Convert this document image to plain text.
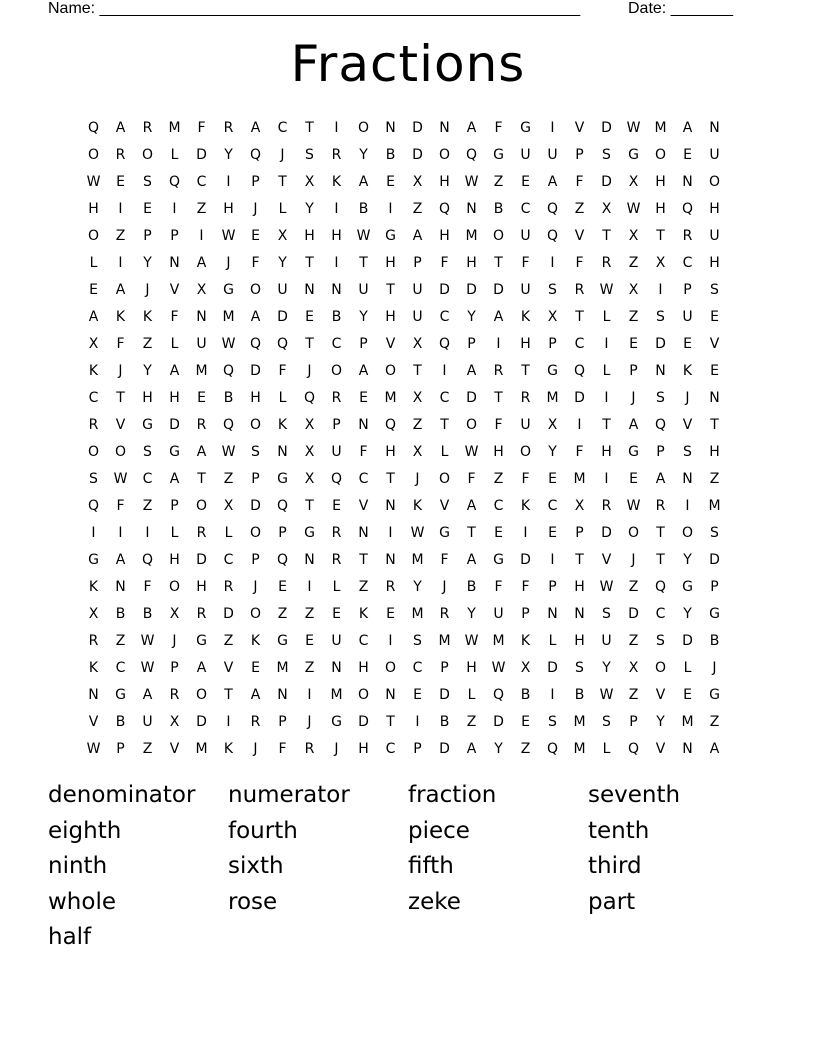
Name: ______________________________________________________	Date: _______
Fractions
Q	A	R	M	F	R	A	C	T	I	O	N	D	N	A	F	G	I	V	D	W	M	A	N
O	R	O	L	D	Y	Q	J	S	R	Y	B	D	O	Q	G	U	U	P	S	G	O	E	U
W	E	S	Q	C	I	P	T	X	K	A	E	X	H	W	Z	E	A	F	D	X	H	N	O
H	I	E	I	Z	H	J	L	Y	I	B	I	Z	Q	N	B	C	Q	Z	X	W	H	Q	H
O	Z	P	P	I	W	E	X	H	H	W	G	A	H	M	O	U	Q	V	T	X	T	R	U
L	I	Y	N	A	J	F	Y	T	I	T	H	P	F	H	T	F	I	F	R	Z	X	C	H
E	A	J	V	X	G	O	U	N	N	U	T	U	D	D	D	U	S	R	W	X	I	P	S
A	K	K	F	N	M	A	D	E	B	Y	H	U	C	Y	A	K	X	T	L	Z	S	U	E
X	F	Z	L	U	W	Q	Q	T	C	P	V	X	Q	P	I	H	P	C	I	E	D	E	V
K	J	Y	A	M	Q	D	F	J	O	A	O	T	I	A	R	T	G	Q	L	P	N	K	E
C	T	H	H	E	B	H	L	Q	R	E	M	X	C	D	T	R	M	D	I	J	S	J	N
R	V	G	D	R	Q	O	K	X	P	N	Q	Z	T	O	F	U	X	I	T	A	Q	V	T
O	O	S	G	A	W	S	N	X	U	F	H	X	L	W	H	O	Y	F	H	G	P	S	H
S	W	C	A	T	Z	P	G	X	Q	C	T	J	O	F	Z	F	E	M	I	E	A	N	Z
Q	F	Z	P	O	X	D	Q	T	E	V	N	K	V	A	C	K	C	X	R	W	R	I	M
I	I	I	L	R	L	O	P	G	R	N	I	W	G	T	E	I	E	P	D	O	T	O	S
G	A	Q	H	D	C	P	Q	N	R	T	N	M	F	A	G	D	I	T	V	J	T	Y	D
K	N	F	O	H	R	J	E	I	L	Z	R	Y	J	B	F	F	P	H	W	Z	Q	G	P
X	B	B	X	R	D	O	Z	Z	E	K	E	M	R	Y	U	P	N	N	S	D	C	Y	G
R	Z	W	J	G	Z	K	G	E	U	C	I	S	M	W	M	K	L	H	U	Z	S	D	B
K	C	W	P	A	V	E	M	Z	N	H	O	C	P	H	W	X	D	S	Y	X	O	L	J
N	G	A	R	O	T	A	N	I	M	O	N	E	D	L	Q	B	I	B	W	Z	V	E	G
V	B	U	X	D	I	R	P	J	G	D	T	I	B	Z	D	E	S	M	S	P	Y	M	Z
W	P	Z	V	M	K	J	F	R	J	H	C	P	D	A	Y	Z	Q	M	L	Q	V	N	A
denominator	numerator	fraction	seventh
eighth	fourth	piece	tenth
ninth	sixth	fifth	third
whole	rose	zeke	part
half
